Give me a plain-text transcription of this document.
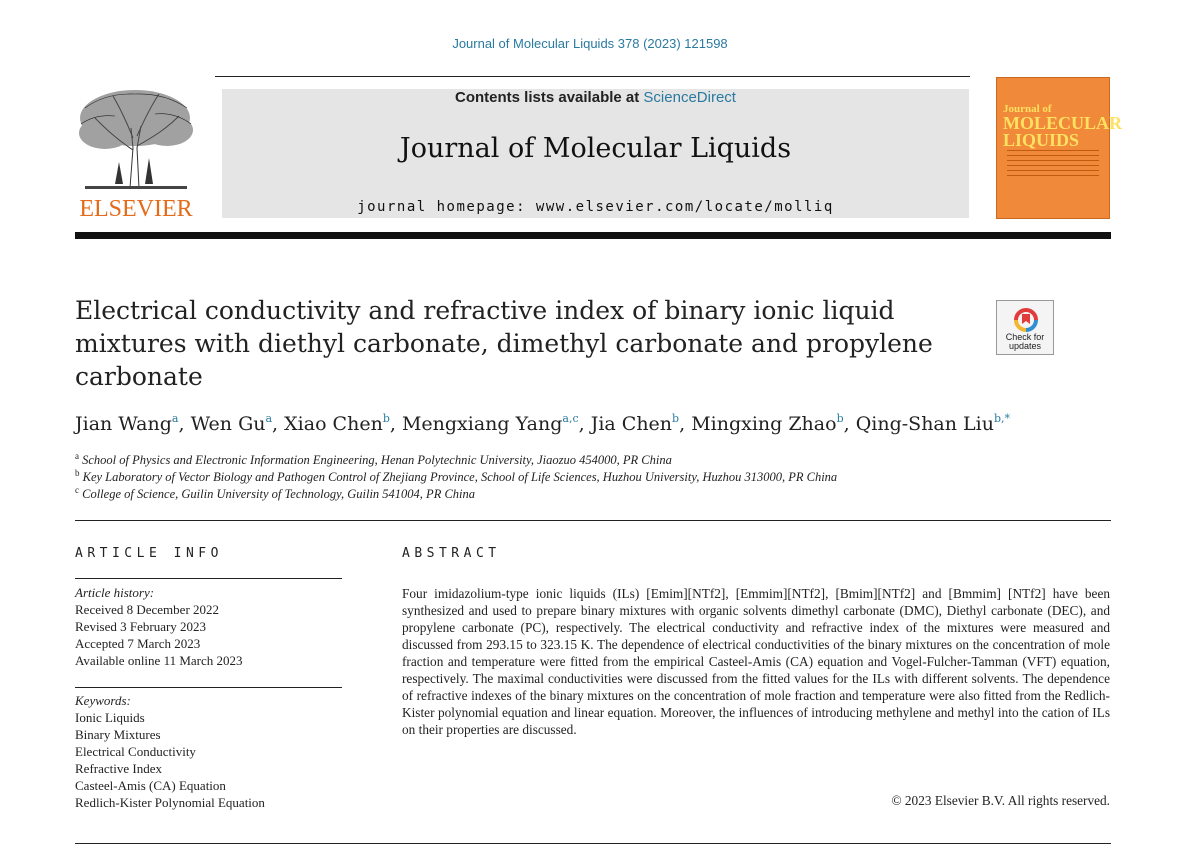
Journal of Molecular Liquids 378 (2023) 121598
ELSEVIER
Contents lists available at ScienceDirect
Journal of Molecular Liquids
journal homepage: www.elsevier.com/locate/molliq
Journal of
MOLECULAR
LIQUIDS
Electrical conductivity and refractive index of binary ionic liquid mixtures with diethyl carbonate, dimethyl carbonate and propylene carbonate
Check for updates
Jian Wang$^a$, Wen Gu$^a$, Xiao Chen$^b$, Mengxiang Yang$^{a,c}$, Jia Chen$^b$, Mingxing Zhao$^b$, Qing-Shan Liu$^{b,*}$
$^a$ School of Physics and Electronic Information Engineering, Henan Polytechnic University, Jiaozuo 454000, PR China
$^b$ Key Laboratory of Vector Biology and Pathogen Control of Zhejiang Province, School of Life Sciences, Huzhou University, Huzhou 313000, PR China
$^c$ College of Science, Guilin University of Technology, Guilin 541004, PR China
ARTICLE INFO
Article history:
Received 8 December 2022
Revised 3 February 2023
Accepted 7 March 2023
Available online 11 March 2023
Keywords:
Ionic Liquids
Binary Mixtures
Electrical Conductivity
Refractive Index
Casteel-Amis (CA) Equation
Redlich-Kister Polynomial Equation
ABSTRACT
Four imidazolium-type ionic liquids (ILs) [Emim][NTf2], [Emmim][NTf2], [Bmim][NTf2] and [Bmmim] [NTf2] have been synthesized and used to prepare binary mixtures with organic solvents dimethyl carbonate (DMC), Diethyl carbonate (DEC), and propylene carbonate (PC), respectively. The electrical conductivity and refractive index of the mixtures were measured and discussed from 293.15 to 323.15 K. The dependence of electrical conductivities of the binary mixtures on the concentration of mole fraction and temperature were fitted from the empirical Casteel-Amis (CA) equation and Vogel-Fulcher-Tamman (VFT) equation, respectively. The maximal conductivities were discussed from the fitted values for the ILs with different solvents. The dependence of refractive indexes of the binary mixtures on the concentration of mole fraction and temperature were also fitted from the Redlich-Kister polynomial equation and linear equation. Moreover, the influences of introducing methylene and methyl into the cation of ILs on their properties are discussed.
© 2023 Elsevier B.V. All rights reserved.
